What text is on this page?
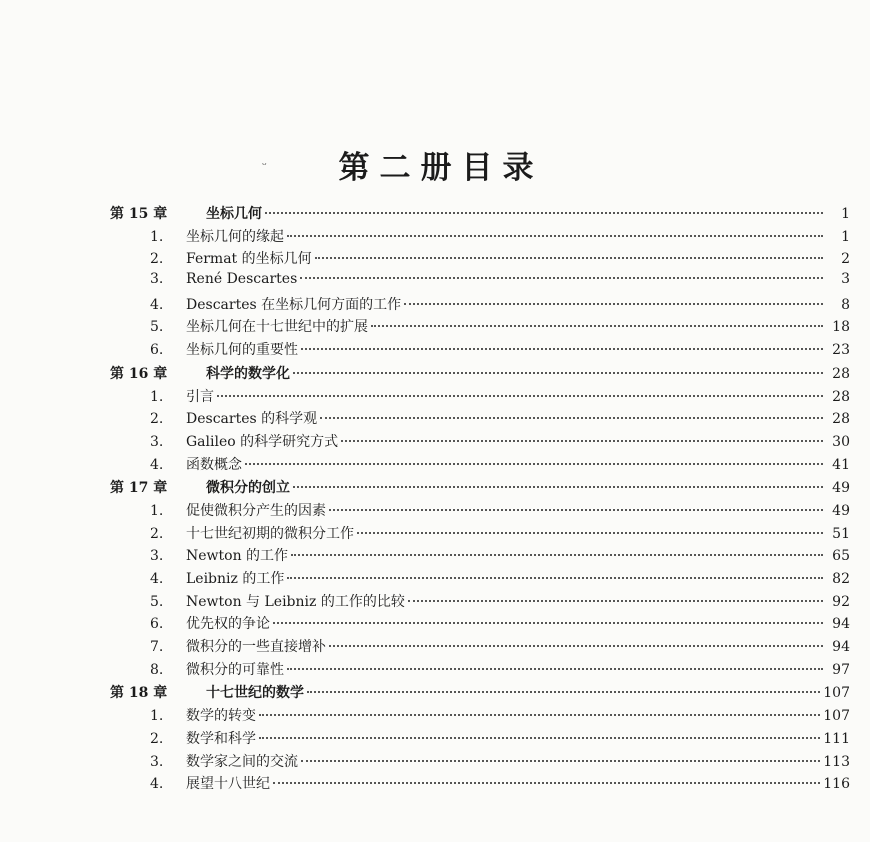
第二册目录
ᵕ
第 15 章	坐标几何	1
1.	坐标几何的缘起	1
2.	Fermat 的坐标几何	2
3.	René Descartes	3
4.	Descartes 在坐标几何方面的工作	8
5.	坐标几何在十七世纪中的扩展	18
6.	坐标几何的重要性	23
第 16 章	科学的数学化	28
1.	引言	28
2.	Descartes 的科学观	28
3.	Galileo 的科学研究方式	30
4.	函数概念	41
第 17 章	微积分的创立	49
1.	促使微积分产生的因素	49
2.	十七世纪初期的微积分工作	51
3.	Newton 的工作	65
4.	Leibniz 的工作	82
5.	Newton 与 Leibniz 的工作的比较	92
6.	优先权的争论	94
7.	微积分的一些直接增补	94
8.	微积分的可靠性	97
第 18 章	十七世纪的数学	107
1.	数学的转变	107
2.	数学和科学	111
3.	数学家之间的交流	113
4.	展望十八世纪	116
